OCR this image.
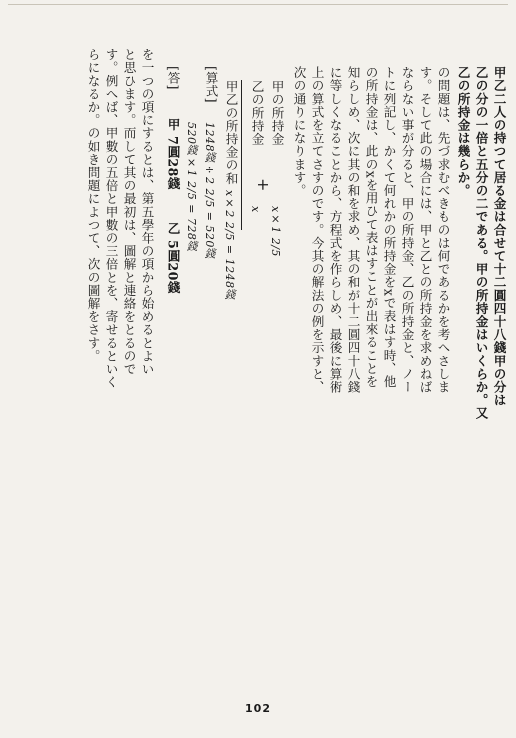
甲乙二人の持つて居る金は合せて十二圓四十八錢甲の分は
乙の分の一倍と五分の二である。甲の所持金はいくらか。又
乙の所持金は幾らか。
の問題は、先づ求むべきものは何であるかを考へさしま
す。そして此の場合には、甲と乙との所持金を求めねば
ならない事が分ると、甲の所持金、乙の所持金と、ノー
トに列記し、かくて何れかの所持金をxで表はす時、他
の所持金は、此のxを用ひて表はすことが出來ることを
知らしめ、次に其の和を求め、其の和が十二圓四十八錢
に等しくなることから、方程式を作らしめ、最後に算術
上の算式を立てさすのです。今其の解法の例を示すと、
次の通りになります。
甲の所持金
x×1 2/5
乙の所持金
x
+
甲乙の所持金の和
x×2 2/5 = 1248錢
[算式]
1248錢÷2 2/5 = 520錢
520錢×1 2/5 = 728錢
[答]
甲 7圓28錢
乙 5圓20錢
を一つの項にするとは、第五學年の項から始めるとよい
と思ひます。而して其の最初は、圖解と連絡をとるので
す。例へば、甲數の五倍と甲數の三倍とを、寄せるといく
らになるか。の如き問題によつて、次の圖解をさす。
102
